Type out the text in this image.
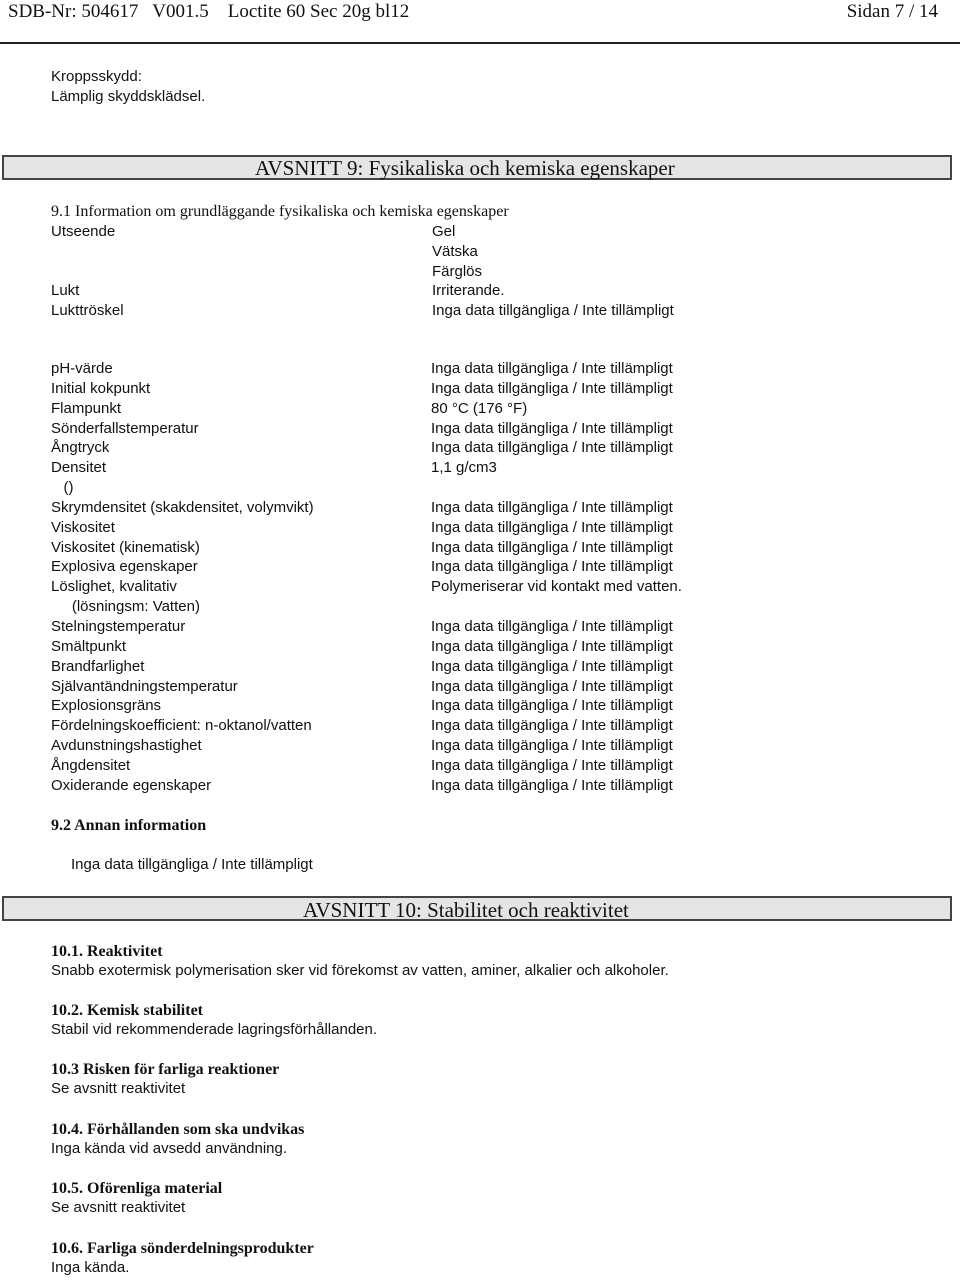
SDB-Nr: 504617   V001.5    Loctite 60 Sec 20g bl12	Sidan 7 / 14
Kroppsskydd:
Lämplig skyddsklädsel.
AVSNITT 9: Fysikaliska och kemiska egenskaper
9.1 Information om grundläggande fysikaliska och kemiska egenskaper
Utseende	Gel
Vätska
Färglös
Lukt	Irriterande.
Lukttröskel	Inga data tillgängliga / Inte tillämpligt
pH-värde	Inga data tillgängliga / Inte tillämpligt
Initial kokpunkt	Inga data tillgängliga / Inte tillämpligt
Flampunkt	80 °C (176 °F)
Sönderfallstemperatur	Inga data tillgängliga / Inte tillämpligt
Ångtryck	Inga data tillgängliga / Inte tillämpligt
Densitet	1,1 g/cm3
()
Skrymdensitet (skakdensitet, volymvikt)	Inga data tillgängliga / Inte tillämpligt
Viskositet	Inga data tillgängliga / Inte tillämpligt
Viskositet (kinematisk)	Inga data tillgängliga / Inte tillämpligt
Explosiva egenskaper	Inga data tillgängliga / Inte tillämpligt
Löslighet, kvalitativ	Polymeriserar vid kontakt med vatten.
(lösningsm: Vatten)
Stelningstemperatur	Inga data tillgängliga / Inte tillämpligt
Smältpunkt	Inga data tillgängliga / Inte tillämpligt
Brandfarlighet	Inga data tillgängliga / Inte tillämpligt
Självantändningstemperatur	Inga data tillgängliga / Inte tillämpligt
Explosionsgräns	Inga data tillgängliga / Inte tillämpligt
Fördelningskoefficient: n-oktanol/vatten	Inga data tillgängliga / Inte tillämpligt
Avdunstningshastighet	Inga data tillgängliga / Inte tillämpligt
Ångdensitet	Inga data tillgängliga / Inte tillämpligt
Oxiderande egenskaper	Inga data tillgängliga / Inte tillämpligt
9.2 Annan information
Inga data tillgängliga / Inte tillämpligt
AVSNITT 10: Stabilitet och reaktivitet
10.1. Reaktivitet
Snabb exotermisk polymerisation sker vid förekomst av vatten, aminer, alkalier och alkoholer.
10.2. Kemisk stabilitet
Stabil vid rekommenderade lagringsförhållanden.
10.3 Risken för farliga reaktioner
Se avsnitt reaktivitet
10.4. Förhållanden som ska undvikas
Inga kända vid avsedd användning.
10.5. Oförenliga material
Se avsnitt reaktivitet
10.6. Farliga sönderdelningsprodukter
Inga kända.
